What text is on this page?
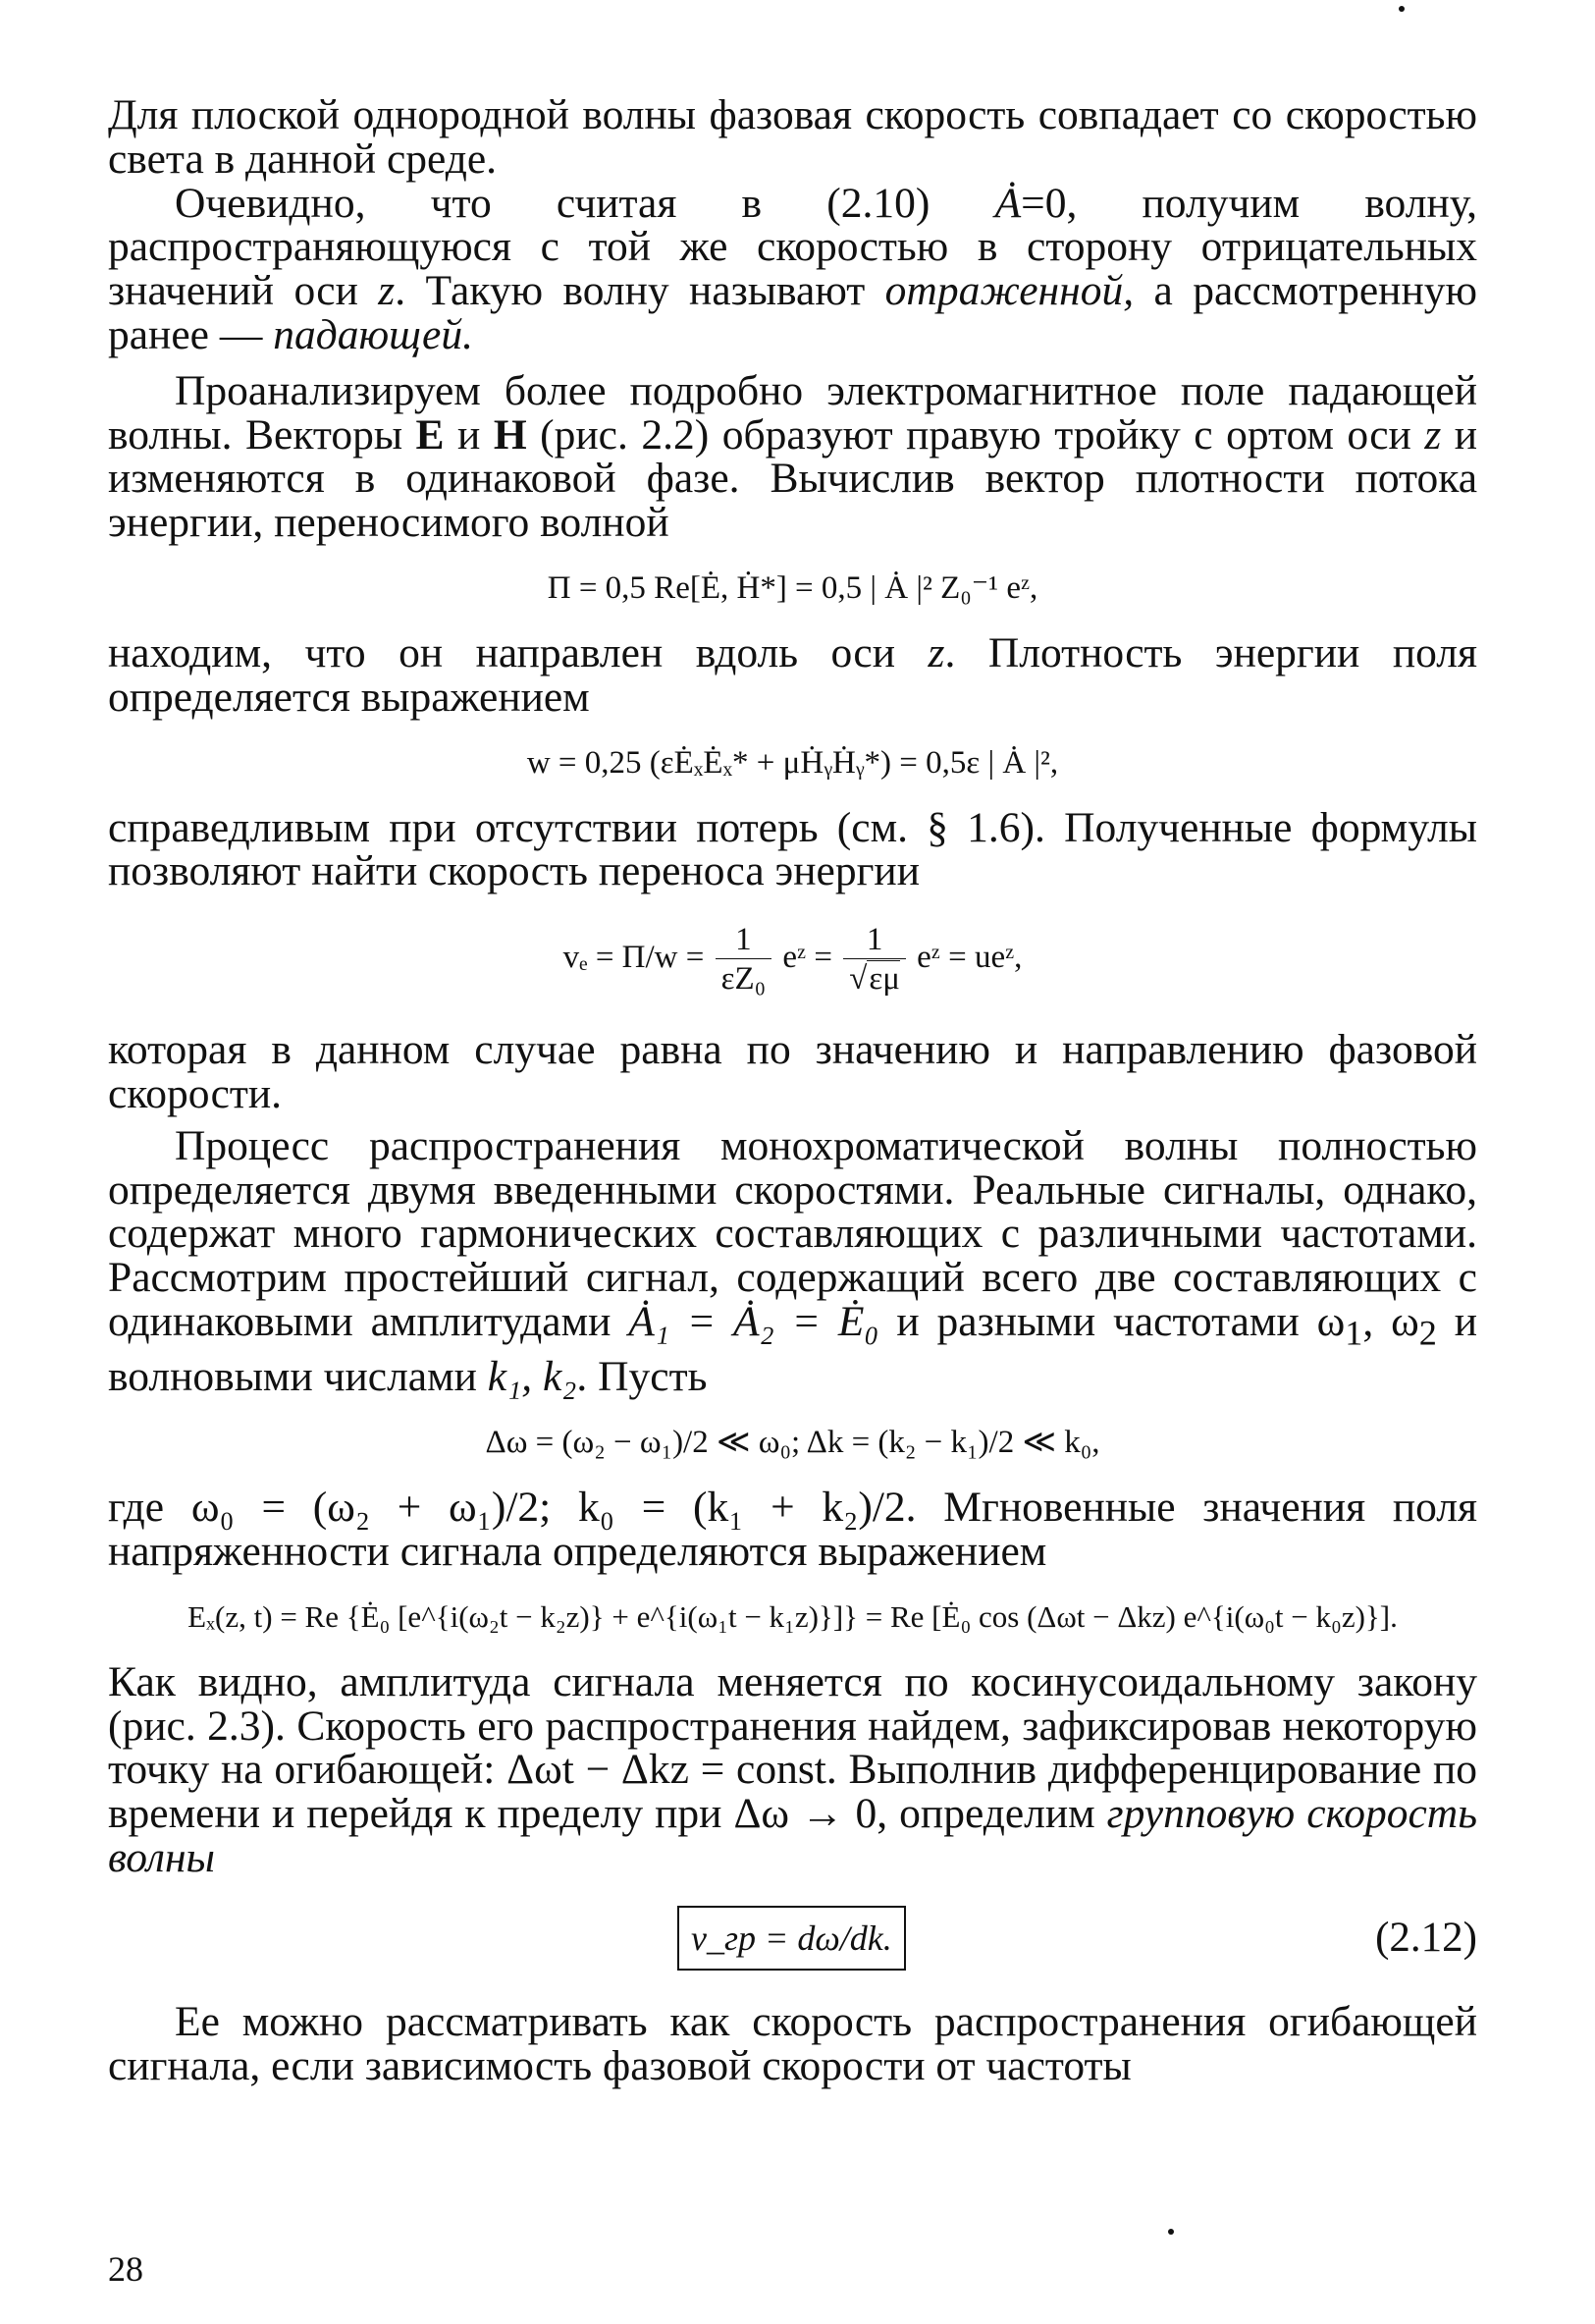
Для плоской однородной волны фазовая скорость совпадает со скоростью света в данной среде.

Очевидно, что считая в (2.10) Ȧ=0, получим волну, распространяющуюся с той же скоростью в сторону отрицательных значений оси z. Такую волну называют отраженной, а рассмотренную ранее — падающей.

Проанализируем более подробно электромагнитное поле падающей волны. Векторы E и H (рис. 2.2) образуют правую тройку с ортом оси z и изменяются в одинаковой фазе. Вычислив вектор плотности потока энергии, переносимого волной

Π = 0,5 Re[Ė, Ḣ*] = 0,5 | Ȧ |² Z₀⁻¹ eᶻ,

находим, что он направлен вдоль оси z. Плотность энергии поля определяется выражением

w = 0,25 (εĖₓĖₓ* + μḢᵧḢᵧ*) = 0,5ε | Ȧ |²,

справедливым при отсутствии потерь (см. § 1.6). Полученные формулы позволяют найти скорость переноса энергии

$v_e = \Pi/w = \frac{1}{\text{εZ₀}}$ eᶻ = $\frac{1}{√\varepsilon\mu}$ eᶻ = ueᶻ,

которая в данном случае равна по значению и направлению фазовой скорости.

Процесс распространения монохроматической волны полностью определяется двумя введенными скоростями. Реальные сигналы, однако, содержат много гармонических составляющих с различными частотами. Рассмотрим простейший сигнал, содержащий всего две составляющих с одинаковыми амплитудами Ȧ₁ = Ȧ₂ = Ė₀ и разными частотами $\omega_1$, $\omega_2$ и волновыми числами k₁, k₂. Пусть

Δω = (ω₂ − ω₁)/2 ≪ ω₀; Δk = (k₂ − k₁)/2 ≪ k₀,

где ω₀ = (ω₂ + ω₁)/2; k₀ = (k₁ + k₂)/2. Мгновенные значения поля напряженности сигнала определяются выражением

Eₓ(z, t) = Re {Ė₀ [e^{i(ω₂t − k₂z)} + e^{i(ω₁t − k₁z)}]} = Re [Ė₀ cos (Δωt − Δkz) e^{i(ω₀t − k₀z)}].

Как видно, амплитуда сигнала меняется по косинусоидальному закону (рис. 2.3). Скорость его распространения найдем, зафиксировав некоторую точку на огибающей: Δωt − Δkz = const. Выполнив дифференцирование по времени и перейдя к пределу при Δω → 0, определим групповую скорость волны

v_гр = dω/dk.	(2.12)

Ее можно рассматривать как скорость распространения огибающей сигнала, если зависимость фазовой скорости от частоты

28
